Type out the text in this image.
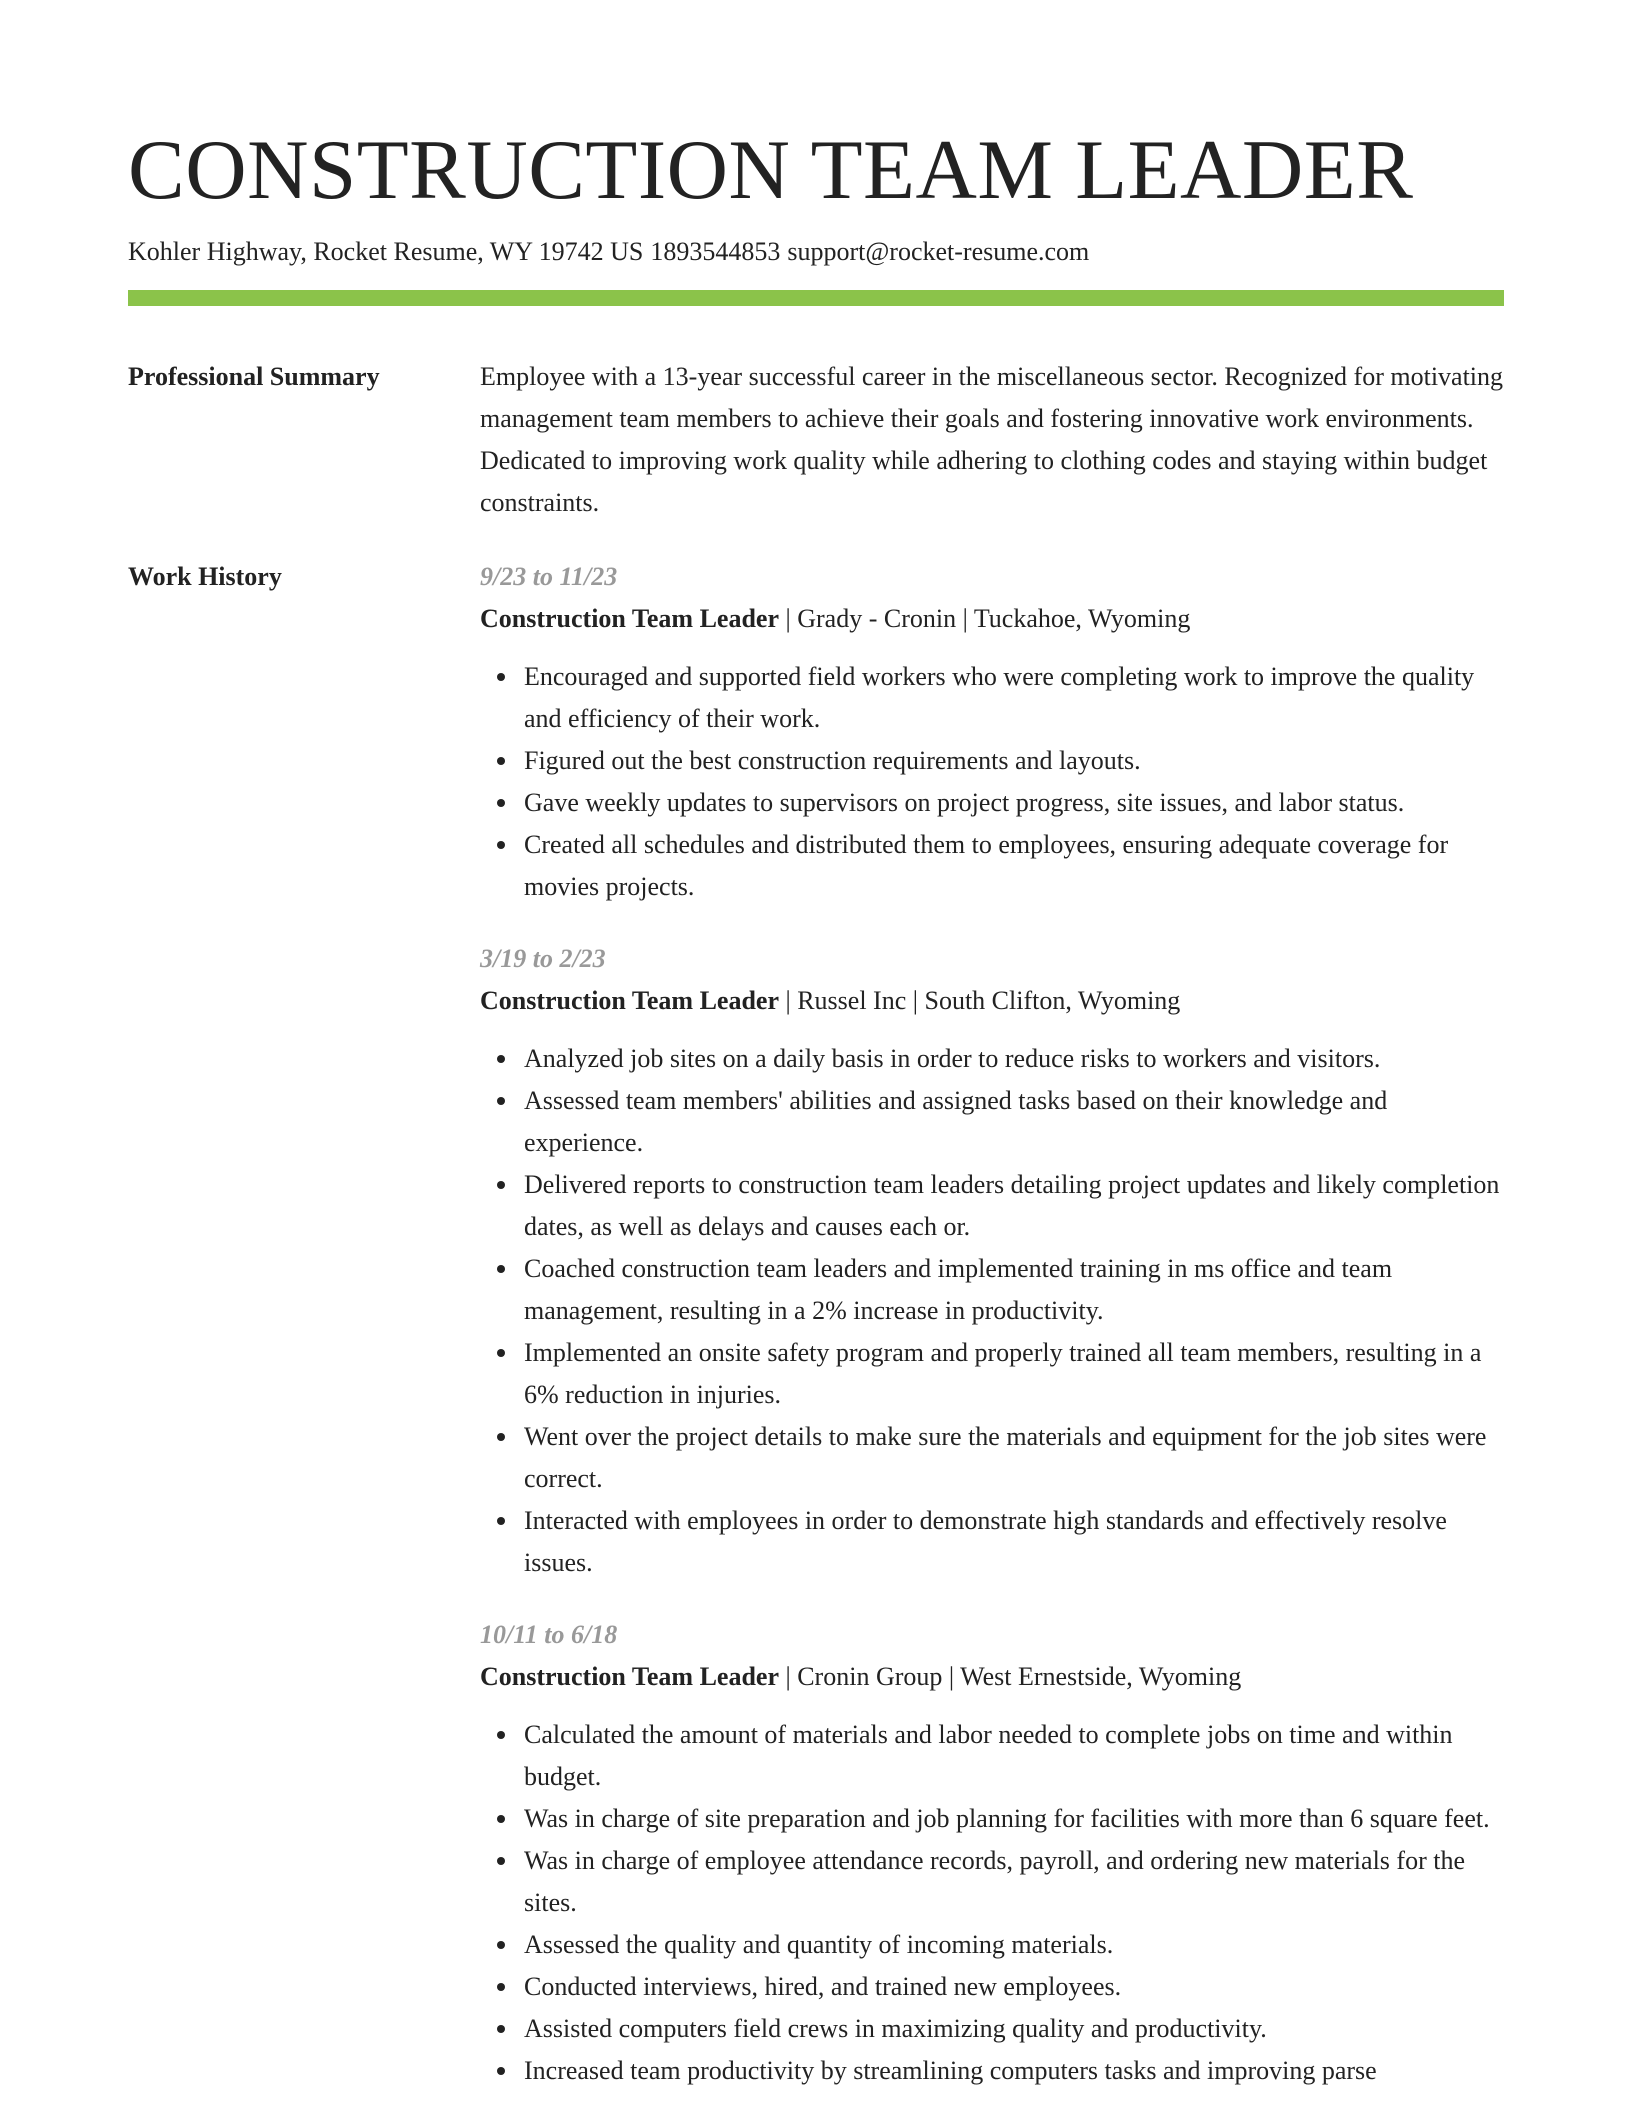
CONSTRUCTION TEAM LEADER
Kohler Highway, Rocket Resume, WY 19742 US 1893544853 support@rocket-resume.com
Professional Summary	Employee with a 13-year successful career in the miscellaneous sector. Recognized for motivating management team members to achieve their goals and fostering innovative work environments. Dedicated to improving work quality while adhering to clothing codes and staying within budget constraints.

Work History	9/23 to 11/23
Construction Team Leader | Grady - Cronin | Tuckahoe, Wyoming
Encouraged and supported field workers who were completing work to improve the quality and efficiency of their work.
Figured out the best construction requirements and layouts.
Gave weekly updates to supervisors on project progress, site issues, and labor status.
Created all schedules and distributed them to employees, ensuring adequate coverage for movies projects.
3/19 to 2/23
Construction Team Leader | Russel Inc | South Clifton, Wyoming
Analyzed job sites on a daily basis in order to reduce risks to workers and visitors.
Assessed team members' abilities and assigned tasks based on their knowledge and experience.
Delivered reports to construction team leaders detailing project updates and likely completion dates, as well as delays and causes each or.
Coached construction team leaders and implemented training in ms office and team management, resulting in a 2% increase in productivity.
Implemented an onsite safety program and properly trained all team members, resulting in a 6% reduction in injuries.
Went over the project details to make sure the materials and equipment for the job sites were correct.
Interacted with employees in order to demonstrate high standards and effectively resolve issues.
10/11 to 6/18
Construction Team Leader | Cronin Group | West Ernestside, Wyoming
Calculated the amount of materials and labor needed to complete jobs on time and within budget.
Was in charge of site preparation and job planning for facilities with more than 6 square feet.
Was in charge of employee attendance records, payroll, and ordering new materials for the sites.
Assessed the quality and quantity of incoming materials.
Conducted interviews, hired, and trained new employees.
Assisted computers field crews in maximizing quality and productivity.
Increased team productivity by streamlining computers tasks and improving parse
